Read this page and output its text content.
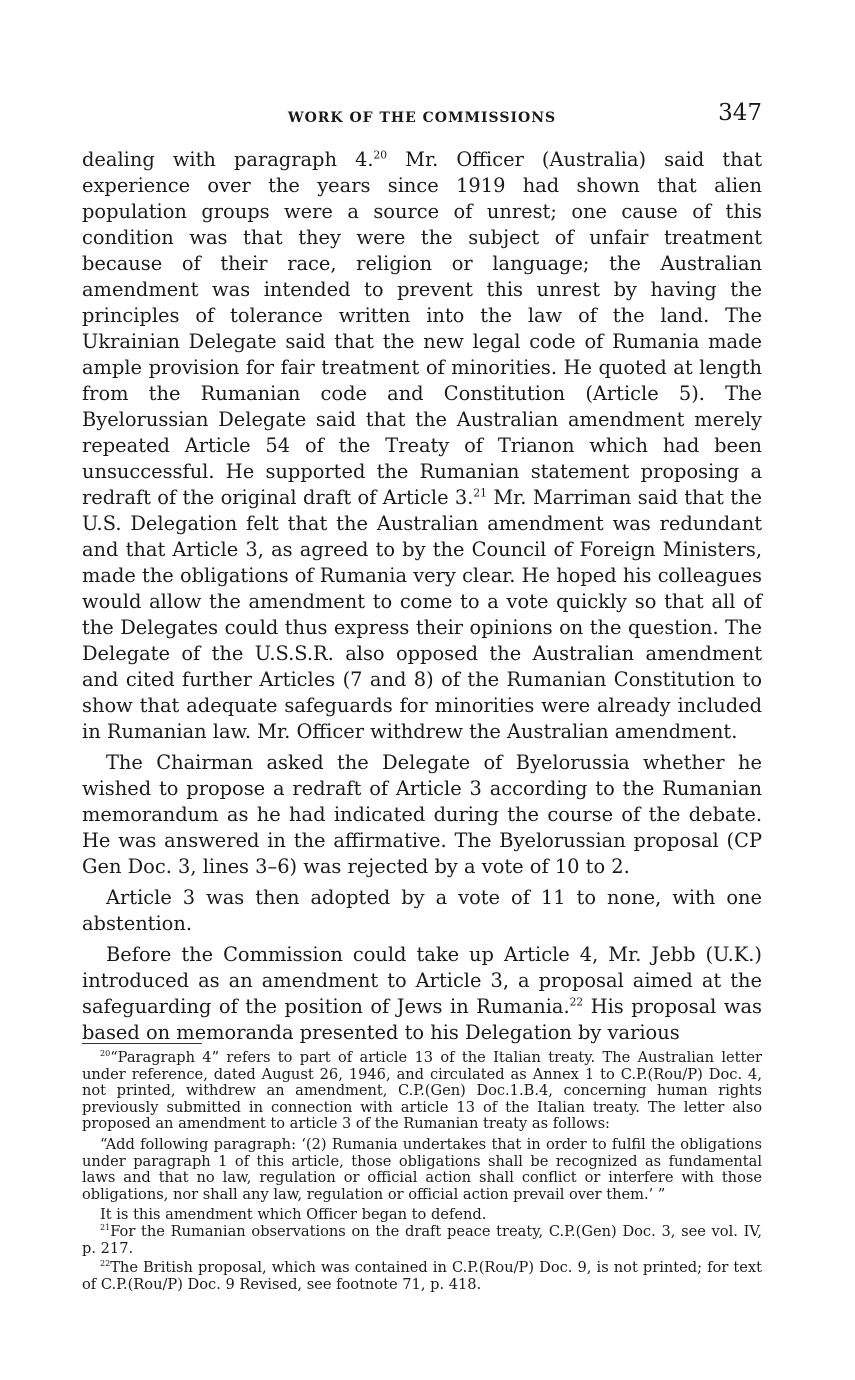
WORK OF THE COMMISSIONS	347

dealing with paragraph 4.20 Mr. Officer (Australia) said that experience over the years since 1919 had shown that alien population groups were a source of unrest; one cause of this condition was that they were the subject of unfair treatment because of their race, religion or language; the Australian amendment was intended to prevent this unrest by having the principles of tolerance written into the law of the land. The Ukrainian Delegate said that the new legal code of Rumania made ample provision for fair treatment of minorities. He quoted at length from the Rumanian code and Constitution (Article 5). The Byelorussian Delegate said that the Australian amendment merely repeated Article 54 of the Treaty of Trianon which had been unsuccessful. He supported the Rumanian statement proposing a redraft of the original draft of Article 3.21 Mr. Marriman said that the U.S. Delegation felt that the Australian amendment was redundant and that Article 3, as agreed to by the Council of Foreign Ministers, made the obligations of Rumania very clear. He hoped his colleagues would allow the amendment to come to a vote quickly so that all of the Delegates could thus express their opinions on the question. The Delegate of the U.S.S.R. also opposed the Australian amendment and cited further Articles (7 and 8) of the Rumanian Constitution to show that adequate safeguards for minorities were already included in Rumanian law. Mr. Officer withdrew the Australian amendment.

The Chairman asked the Delegate of Byelorussia whether he wished to propose a redraft of Article 3 according to the Rumanian memorandum as he had indicated during the course of the debate. He was answered in the affirmative. The Byelorussian proposal (CP Gen Doc. 3, lines 3–6) was rejected by a vote of 10 to 2.

Article 3 was then adopted by a vote of 11 to none, with one abstention.

Before the Commission could take up Article 4, Mr. Jebb (U.K.) introduced as an amendment to Article 3, a proposal aimed at the safeguarding of the position of Jews in Rumania.$^{22}$ His proposal was based on memoranda presented to his Delegation by various

$^{20}$“Paragraph 4” refers to part of article 13 of the Italian treaty. The Australian letter under reference, dated August 26, 1946, and circulated as Annex 1 to C.P.(Rou/P) Doc. 4, not printed, withdrew an amendment, C.P.(Gen) Doc.1.B.4, concerning human rights previously submitted in connection with article 13 of the Italian treaty. The letter also proposed an amendment to article 3 of the Rumanian treaty as follows:

“Add following paragraph: ‘(2) Rumania undertakes that in order to fulfil the obligations under paragraph 1 of this article, those obligations shall be recognized as fundamental laws and that no law, regulation or official action shall conflict or interfere with those obligations, nor shall any law, regulation or official action prevail over them.’ ”

It is this amendment which Officer began to defend.

$^{21}$For the Rumanian observations on the draft peace treaty, C.P.(Gen) Doc. 3, see vol. IV, p. 217.

$^{22}$The British proposal, which was contained in C.P.(Rou/P) Doc. 9, is not printed; for text of C.P.(Rou/P) Doc. 9 Revised, see footnote 71, p. 418.
